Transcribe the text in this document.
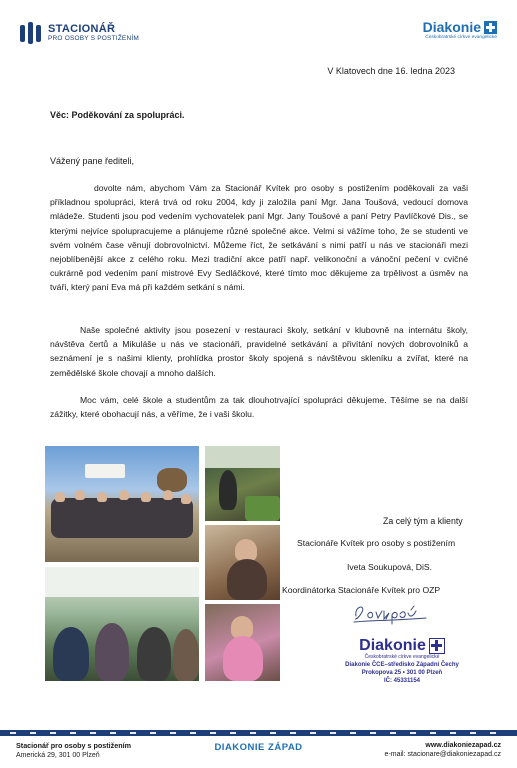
STACIONÁŘ
PRO OSOBY S POSTIŽENÍM
Diakonie
Českobratrské církve evangelické
V Klatovech dne 16. ledna 2023
Věc: Poděkování za spolupráci.
Vážený pane řediteli,

dovolte nám, abychom Vám za Stacionář Kvítek pro osoby s postižením poděkovali za vaši příkladnou spolupráci, která trvá od roku 2004, kdy ji založila paní Mgr. Jana Toušová, vedoucí domova mládeže. Studenti jsou pod vedením vychovatelek paní Mgr. Jany Toušové a paní Petry Pavlíčkové Dis., se kterými nejvíce spolupracujeme a plánujeme různé společné akce. Velmi si vážíme toho, že se studenti ve svém volném čase věnují dobrovolnictví. Můžeme říct, že setkávání s nimi patří u nás ve stacionáři mezi nejoblíbenější akce z celého roku. Mezi tradiční akce patří např. velikonoční a vánoční pečení v cvičné cukrárně pod vedením paní mistrové Evy Sedláčkové, které tímto moc děkujeme za trpělivost a úsměv na tváři, který paní Eva má při každém setkání s námi.

Naše společné aktivity jsou posezení v restauraci školy, setkání v klubovně na internátu školy, návštěva čertů a Mikuláše u nás ve stacionáři, pravidelné setkávání a přivítání nových dobrovolníků a seznámení je s našimi klienty, prohlídka prostor školy spojená s návštěvou skleníku a zvířat, které na zemědělské škole chovají a mnoho dalších.

Moc vám, celé škole a studentům za tak dlouhotrvající spolupráci děkujeme. Těšíme se na další zážitky, které obohacují nás, a věříme, že i vaši školu.

Za celý tým a klienty
Stacionáře Kvítek pro osoby s postižením
Iveta Soukupová, DiS.
Koordinátorka Stacionáře Kvítek pro OZP
Diakonie
Českobratrské církve evangelické
Diakonie ČCE–středisko Západní Čechy
Prokopova 25 • 301 00 Plzeň
IČ: 45331154
Stacionář pro osoby s postižením
Americká 29, 301 00 Plzeň
DIAKONIE ZÁPAD	www.diakoniezapad.cz
e-mail: stacionare@diakoniezapad.cz
